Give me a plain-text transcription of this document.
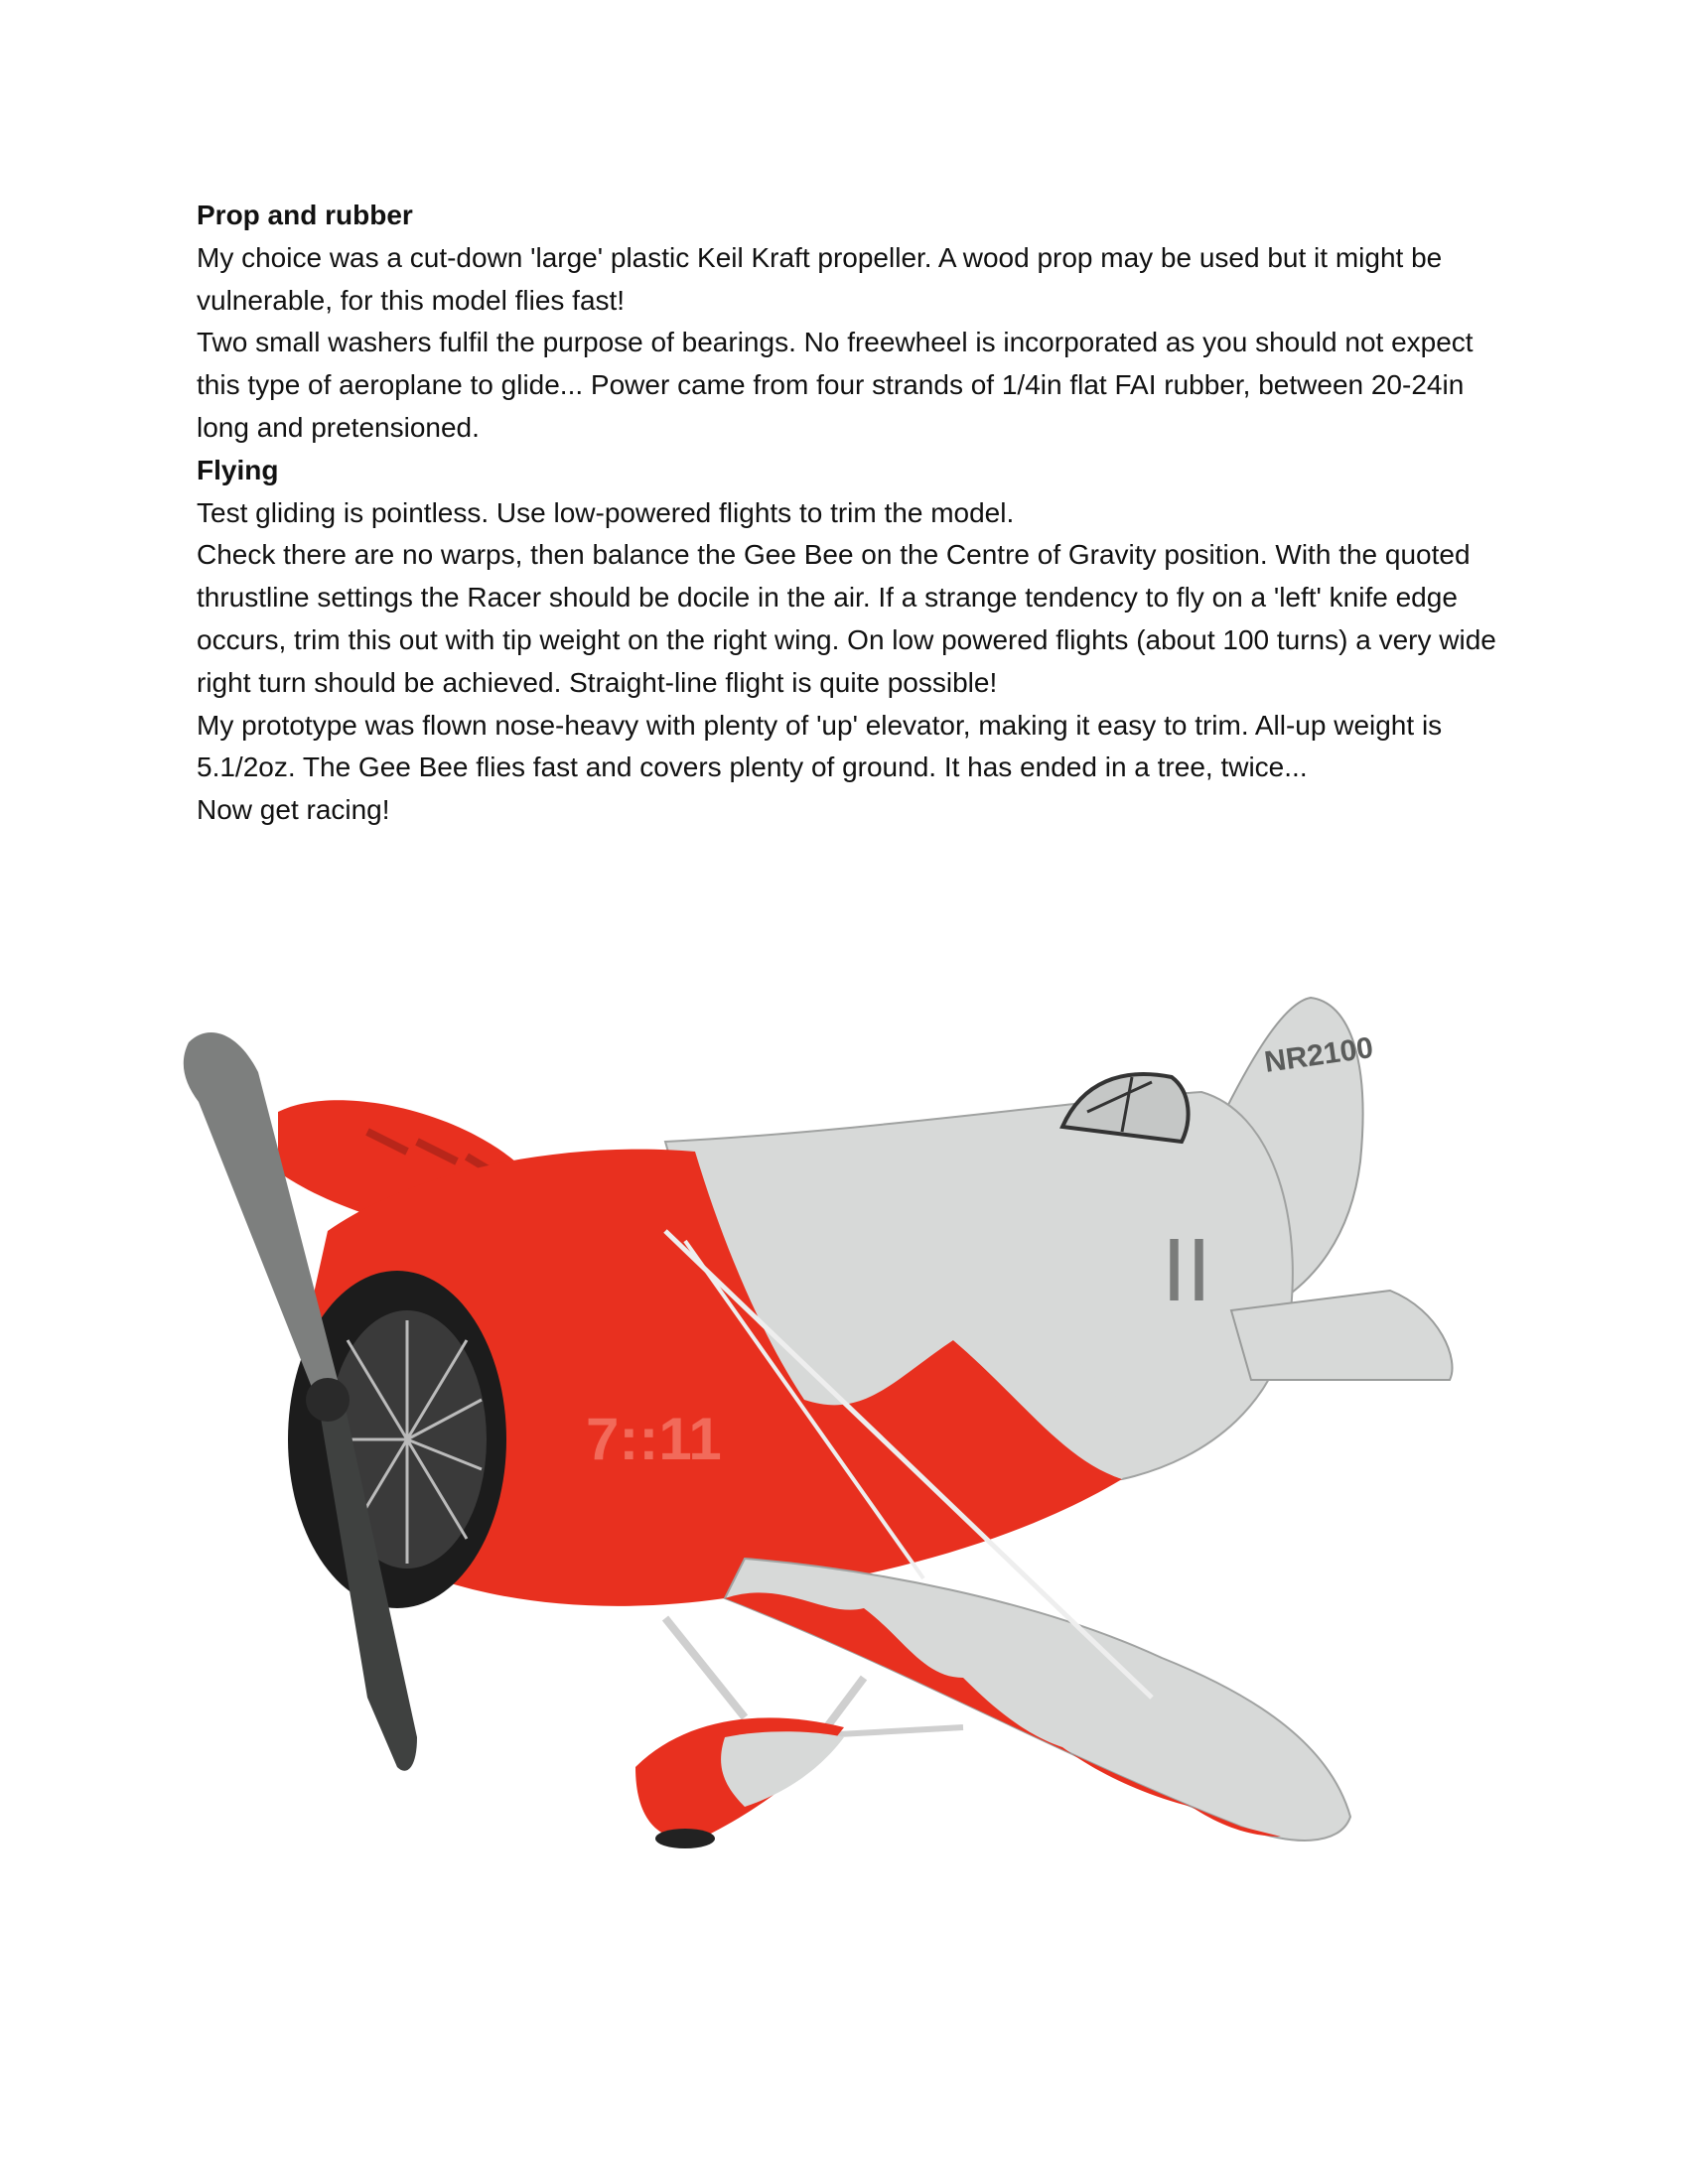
Prop and rubber

My choice was a cut-down 'large' plastic Keil Kraft propeller. A wood prop may be used but it might be vulnerable, for this model flies fast!

Two small washers fulfil the purpose of bearings. No freewheel is incorporated as you should not expect this type of aeroplane to glide... Power came from four strands of 1/4in flat FAI rubber, between 20-24in long and pretensioned.

Flying

Test gliding is pointless. Use low-powered flights to trim the model.

Check there are no warps, then balance the Gee Bee on the Centre of Gravity position. With the quoted thrustline settings the Racer should be docile in the air. If a strange tendency to fly on a 'left' knife edge occurs, trim this out with tip weight on the right wing. On low powered flights (about 100 turns) a very wide right turn should be achieved. Straight-line flight is quite possible!

My prototype was flown nose-heavy with plenty of 'up' elevator, making it easy to trim. All-up weight is 5.1/2oz. The Gee Bee flies fast and covers plenty of ground. It has ended in a tree, twice...

Now get racing!

NR2100
7::11
II
